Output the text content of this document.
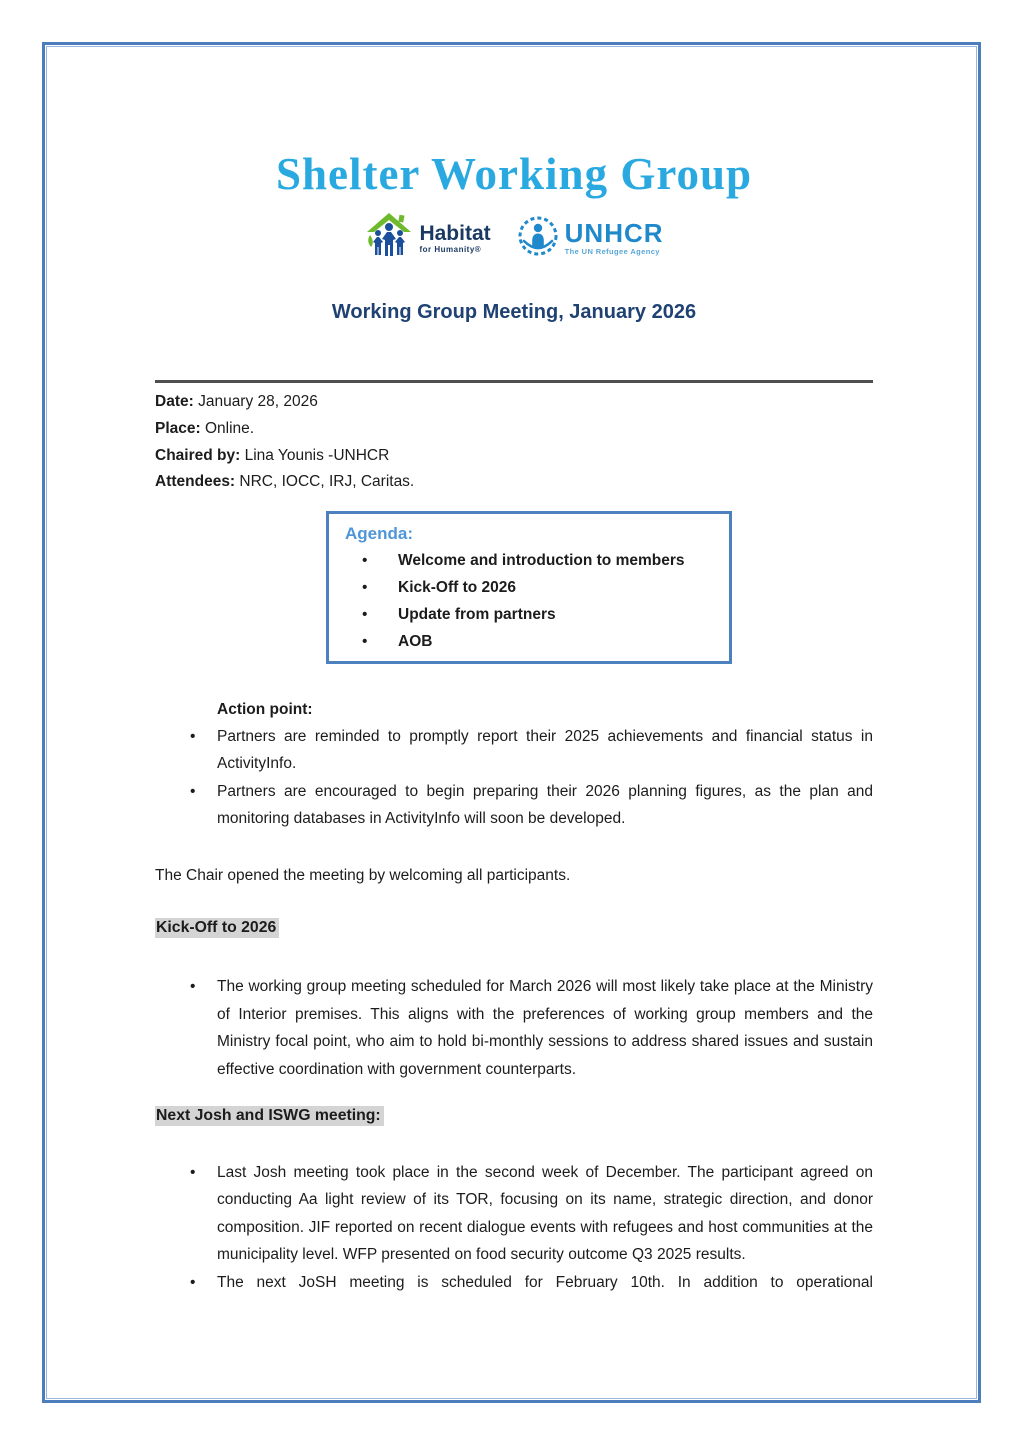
Shelter Working Group
Habitat
for Humanity®
UNHCR
The UN Refugee Agency
Working Group Meeting, January 2026
Date: January 28, 2026
Place: Online.
Chaired by: Lina Younis -UNHCR
Attendees: NRC, IOCC, IRJ, Caritas.
Agenda:
• Welcome and introduction to members
• Kick-Off to 2026
• Update from partners
• AOB
Action point:
• Partners are reminded to promptly report their 2025 achievements and financial status in ActivityInfo.
• Partners are encouraged to begin preparing their 2026 planning figures, as the plan and monitoring databases in ActivityInfo will soon be developed.

The Chair opened the meeting by welcoming all participants.

Kick-Off to 2026
• The working group meeting scheduled for March 2026 will most likely take place at the Ministry of Interior premises. This aligns with the preferences of working group members and the Ministry focal point, who aim to hold bi-monthly sessions to address shared issues and sustain effective coordination with government counterparts.
Next Josh and ISWG meeting:
• Last Josh meeting took place in the second week of December. The participant agreed on conducting Aa light review of its TOR, focusing on its name, strategic direction, and donor composition. JIF reported on recent dialogue events with refugees and host communities at the municipality level. WFP presented on food security outcome Q3 2025 results.
• The next JoSH meeting is scheduled for February 10th. In addition to operational
